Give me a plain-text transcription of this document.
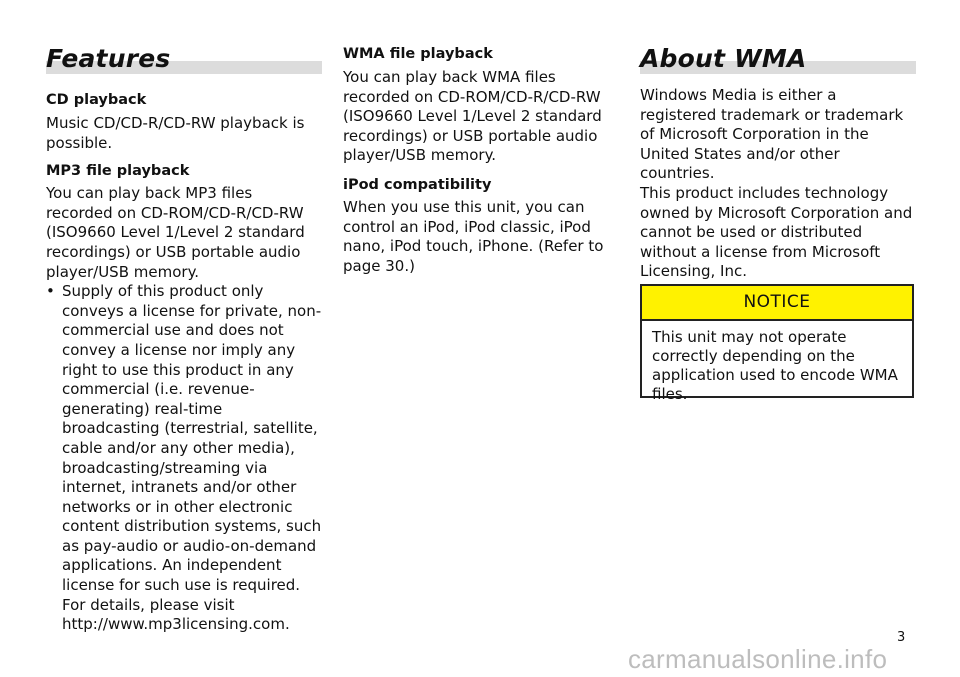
Features

CD playback

Music CD/CD-R/CD-RW playback is possible.

MP3 file playback

You can play back MP3 files recorded on CD-ROM/CD-R/CD-RW (ISO9660 Level 1/Level 2 standard recordings) or USB portable audio player/USB memory.

• Supply of this product only conveys a license for private, non-commercial use and does not convey a license nor imply any right to use this product in any commercial (i.e. revenue-generating) real-time broadcasting (terrestrial, satellite, cable and/or any other media), broadcasting/streaming via internet, intranets and/or other networks or in other electronic content distribution systems, such as pay-audio or audio-on-demand applications. An independent license for such use is required. For details, please visit http://www.mp3licensing.com.

WMA file playback

You can play back WMA files recorded on CD-ROM/CD-R/CD-RW (ISO9660 Level 1/Level 2 standard recordings) or USB portable audio player/USB memory.

iPod compatibility

When you use this unit, you can control an iPod, iPod classic, iPod nano, iPod touch, iPhone. (Refer to page 30.)

About WMA

Windows Media is either a registered trademark or trademark of Microsoft Corporation in the United States and/or other countries.

This product includes technology owned by Microsoft Corporation and cannot be used or distributed without a license from Microsoft Licensing, Inc.

NOTICE
This unit may not operate correctly depending on the application used to encode WMA files.
3
carmanualsonline.info
